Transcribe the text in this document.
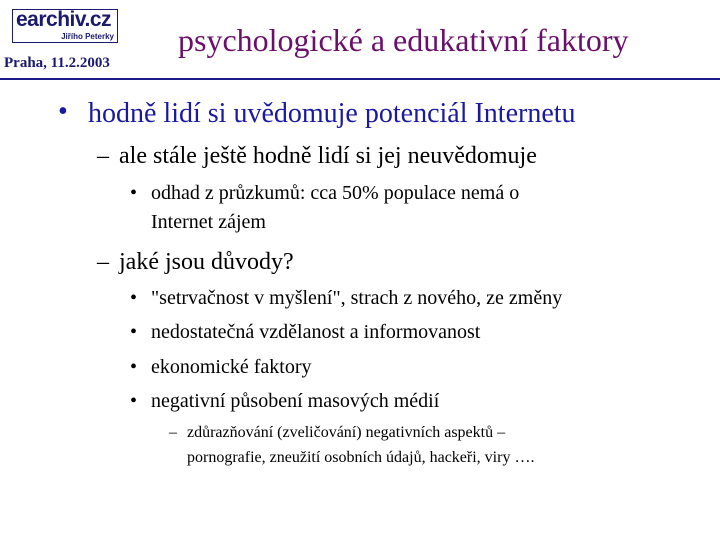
earchiv.cz
Jiřího Peterky
Praha, 11.2.2003
psychologické a edukativní faktory
• hodně lidí si uvědomuje potenciál Internetu
– ale stále ještě hodně lidí si jej neuvědomuje
• odhad z průzkumů: cca 50% populace nemá o
Internet zájem
– jaké jsou důvody?
• "setrvačnost v myšlení", strach z nového, ze změny
• nedostatečná vzdělanost a informovanost
• ekonomické faktory
• negativní působení masových médií
– zdůrazňování (zveličování) negativních aspektů –
pornografie, zneužití osobních údajů, hackeři, viry ….
